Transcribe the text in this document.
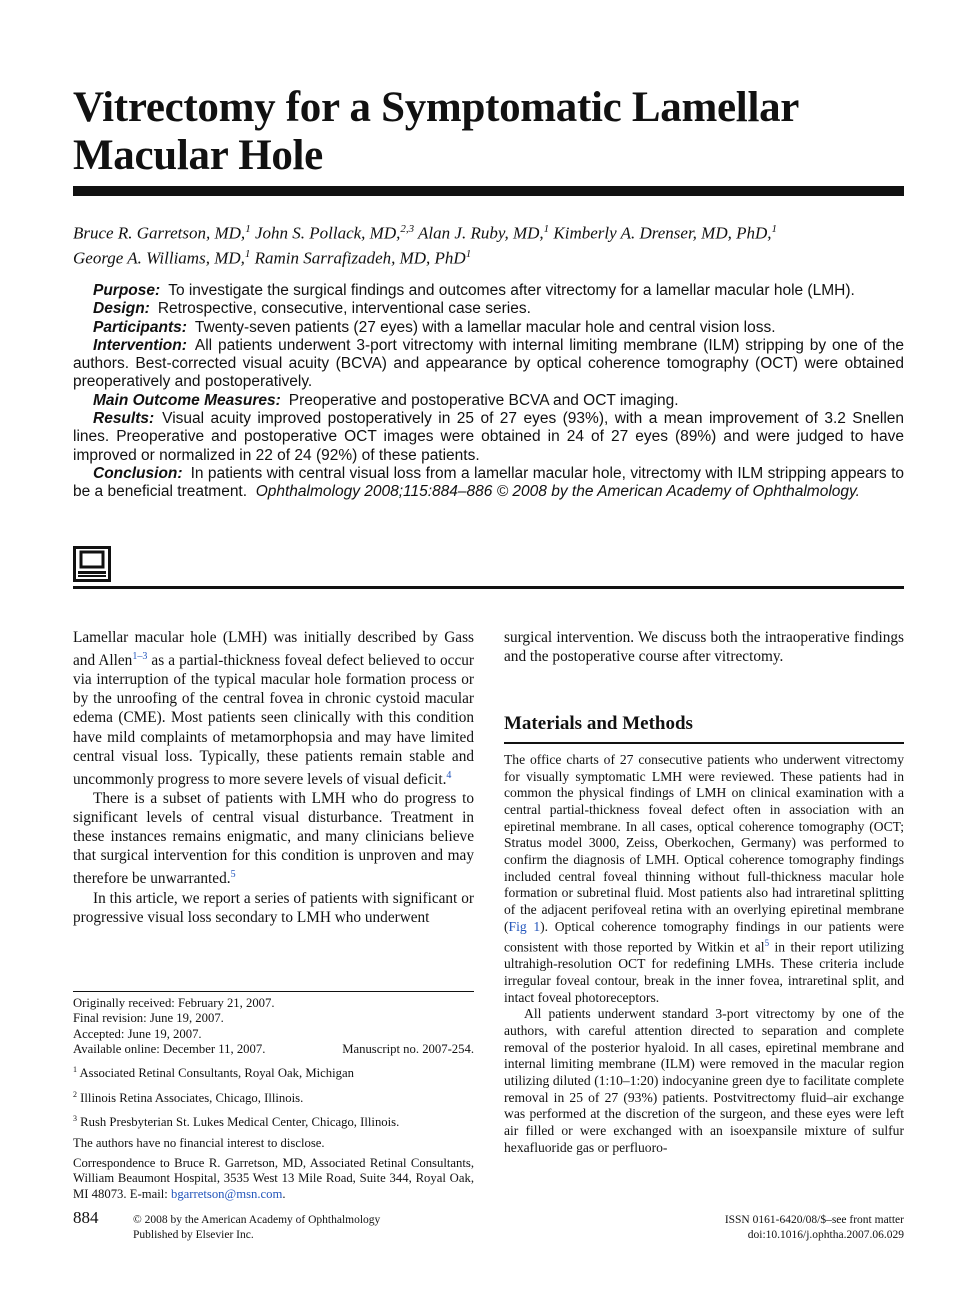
Vitrectomy for a Symptomatic Lamellar Macular Hole
Bruce R. Garretson, MD,$^1$ John S. Pollack, MD,$^{2,3}$ Alan J. Ruby, MD,$^1$ Kimberly A. Drenser, MD, PhD,$^1$
George A. Williams, MD,$^1$ Ramin Sarrafizadeh, MD, PhD$^1$

Purpose: To investigate the surgical findings and outcomes after vitrectomy for a lamellar macular hole (LMH).

Design: Retrospective, consecutive, interventional case series.

Participants: Twenty-seven patients (27 eyes) with a lamellar macular hole and central vision loss.

Intervention: All patients underwent 3-port vitrectomy with internal limiting membrane (ILM) stripping by one of the authors. Best-corrected visual acuity (BCVA) and appearance by optical coherence tomography (OCT) were obtained preoperatively and postoperatively.

Main Outcome Measures: Preoperative and postoperative BCVA and OCT imaging.

Results: Visual acuity improved postoperatively in 25 of 27 eyes (93%), with a mean improvement of 3.2 Snellen lines. Preoperative and postoperative OCT images were obtained in 24 of 27 eyes (89%) and were judged to have improved or normalized in 22 of 24 (92%) of these patients.

Conclusion: In patients with central visual loss from a lamellar macular hole, vitrectomy with ILM stripping appears to be a beneficial treatment. Ophthalmology 2008;115:884–886 © 2008 by the American Academy of Ophthalmology.

Lamellar macular hole (LMH) was initially described by Gass and Allen$^{1-3}$ as a partial-thickness foveal defect believed to occur via interruption of the typical macular hole formation process or by the unroofing of the central fovea in chronic cystoid macular edema (CME). Most patients seen clinically with this condition have mild complaints of metamorphopsia and may have limited central visual loss. Typically, these patients remain stable and uncommonly progress to more severe levels of visual deficit.$^4$

There is a subset of patients with LMH who do progress to significant levels of central visual disturbance. Treatment in these instances remains enigmatic, and many clinicians believe that surgical intervention for this condition is unproven and may therefore be unwarranted.$^5$

In this article, we report a series of patients with significant or progressive visual loss secondary to LMH who underwent

surgical intervention. We discuss both the intraoperative findings and the postoperative course after vitrectomy.

Materials and Methods

The office charts of 27 consecutive patients who underwent vitrectomy for visually symptomatic LMH were reviewed. These patients had in common the physical findings of LMH on clinical examination with a central partial-thickness foveal defect often in association with an epiretinal membrane. In all cases, optical coherence tomography (OCT; Stratus model 3000, Zeiss, Oberkochen, Germany) was performed to confirm the diagnosis of LMH. Optical coherence tomography findings included central foveal thinning without full-thickness macular hole formation or subretinal fluid. Most patients also had intraretinal splitting of the adjacent perifoveal retina with an overlying epiretinal membrane (Fig 1). Optical coherence tomography findings in our patients were consistent with those reported by Witkin et $al^5$ in their report utilizing ultrahigh-resolution OCT for redefining LMHs. These criteria include irregular foveal contour, break in the inner fovea, intraretinal split, and intact foveal photoreceptors.

All patients underwent standard 3-port vitrectomy by one of the authors, with careful attention directed to separation and complete removal of the posterior hyaloid. In all cases, epiretinal membrane and internal limiting membrane (ILM) were removed in the macular region utilizing diluted (1:10–1:20) indocyanine green dye to facilitate complete removal in 25 of 27 (93%) patients. Postvitrectomy fluid–air exchange was performed at the discretion of the surgeon, and these eyes were left air filled or were exchanged with an isoexpansile mixture of sulfur hexafluoride gas or perfluoro-

Originally received: February 21, 2007.
Final revision: June 19, 2007.
Accepted: June 19, 2007.
Available online: December 11, 2007.	Manuscript no. 2007-254.
$^1$ Associated Retinal Consultants, Royal Oak, Michigan
$^2$ Illinois Retina Associates, Chicago, Illinois.
$^3$ Rush Presbyterian St. Lukes Medical Center, Chicago, Illinois.
The authors have no financial interest to disclose.
Correspondence to Bruce R. Garretson, MD, Associated Retinal Consultants, William Beaumont Hospital, 3535 West 13 Mile Road, Suite 344, Royal Oak, MI 48073. E-mail: bgarretson@msn.com.
884	© 2008 by the American Academy of Ophthalmology
Published by Elsevier Inc.
ISSN 0161-6420/08/$–see front matter
doi:10.1016/j.ophtha.2007.06.029
